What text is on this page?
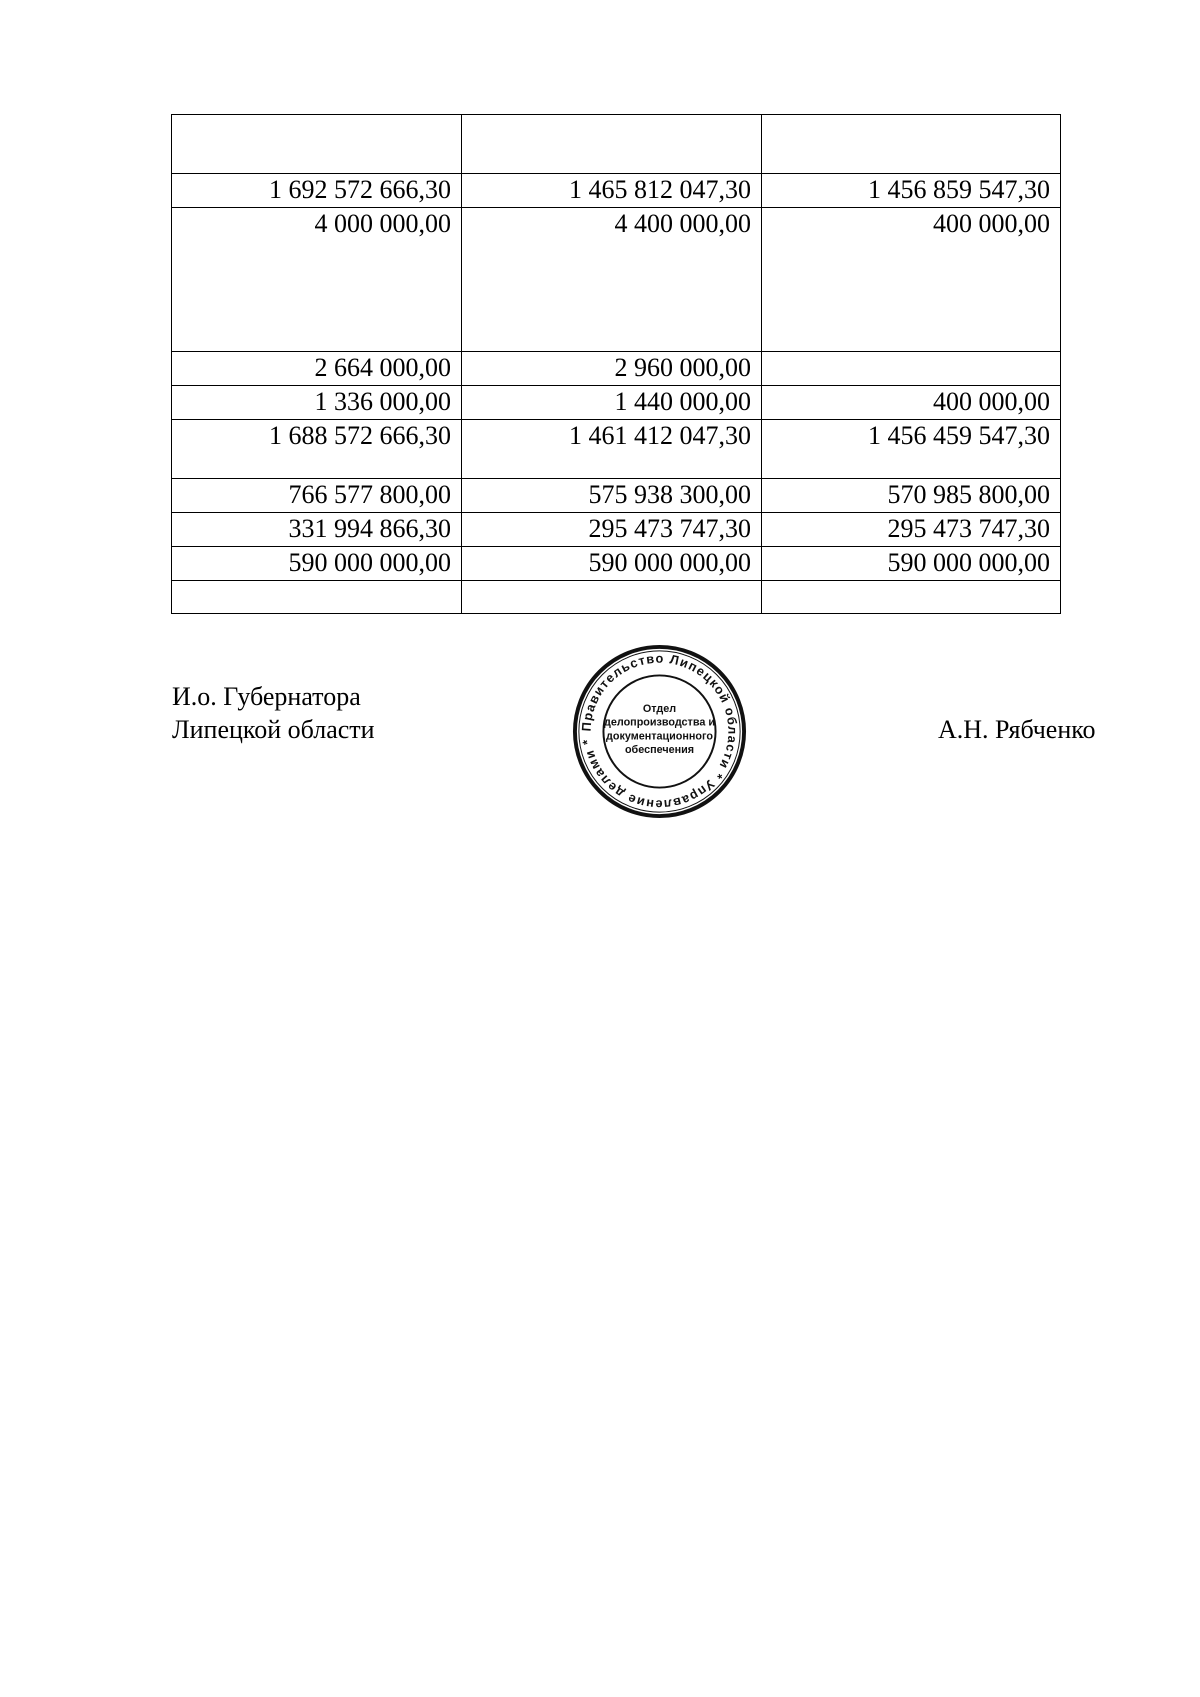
1 692 572 666,30	1 465 812 047,30	1 456 859 547,30
4 000 000,00	4 400 000,00	400 000,00
2 664 000,00	2 960 000,00	
1 336 000,00	1 440 000,00	400 000,00
1 688 572 666,30	1 461 412 047,30	1 456 459 547,30
766 577 800,00	575 938 300,00	570 985 800,00
331 994 866,30	295 473 747,30	295 473 747,30
590 000 000,00	590 000 000,00	590 000 000,00

И.о. Губернатора
Липецкой области	Правительство Липецкой области * Управление делами *
Отдел
делопроизводства и
документационного
обеспечения
А.Н. Рябченко
